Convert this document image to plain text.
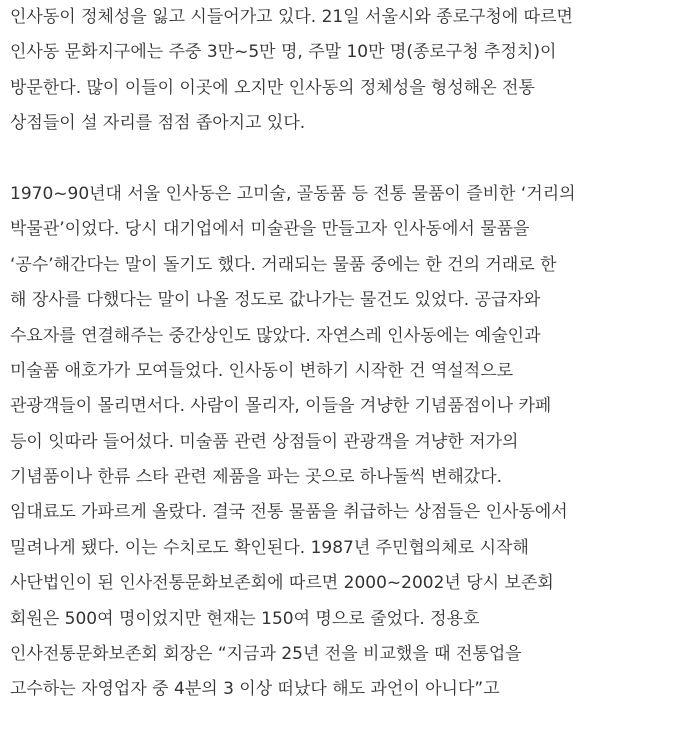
인사동이 정체성을 잃고 시들어가고 있다. 21일 서울시와 종로구청에 따르면
인사동 문화지구에는 주중 3만~5만 명, 주말 10만 명(종로구청 추정치)이
방문한다. 많이 이들이 이곳에 오지만 인사동의 정체성을 형성해온 전통
상점들이 설 자리를 점점 좁아지고 있다.
1970~90년대 서울 인사동은 고미술, 골동품 등 전통 물품이 즐비한 ‘거리의
박물관’이었다. 당시 대기업에서 미술관을 만들고자 인사동에서 물품을
‘공수’해간다는 말이 돌기도 했다. 거래되는 물품 중에는 한 건의 거래로 한
해 장사를 다했다는 말이 나올 정도로 값나가는 물건도 있었다. 공급자와
수요자를 연결해주는 중간상인도 많았다. 자연스레 인사동에는 예술인과
미술품 애호가가 모여들었다. 인사동이 변하기 시작한 건 역설적으로
관광객들이 몰리면서다. 사람이 몰리자, 이들을 겨냥한 기념품점이나 카페
등이 잇따라 들어섰다. 미술품 관련 상점들이 관광객을 겨냥한 저가의
기념품이나 한류 스타 관련 제품을 파는 곳으로 하나둘씩 변해갔다.
임대료도 가파르게 올랐다. 결국 전통 물품을 취급하는 상점들은 인사동에서
밀려나게 됐다. 이는 수치로도 확인된다. 1987년 주민협의체로 시작해
사단법인이 된 인사전통문화보존회에 따르면 2000~2002년 당시 보존회
회원은 500여 명이었지만 현재는 150여 명으로 줄었다. 정용호
인사전통문화보존회 회장은 “지금과 25년 전을 비교했을 때 전통업을
고수하는 자영업자 중 4분의 3 이상 떠났다 해도 과언이 아니다”고
